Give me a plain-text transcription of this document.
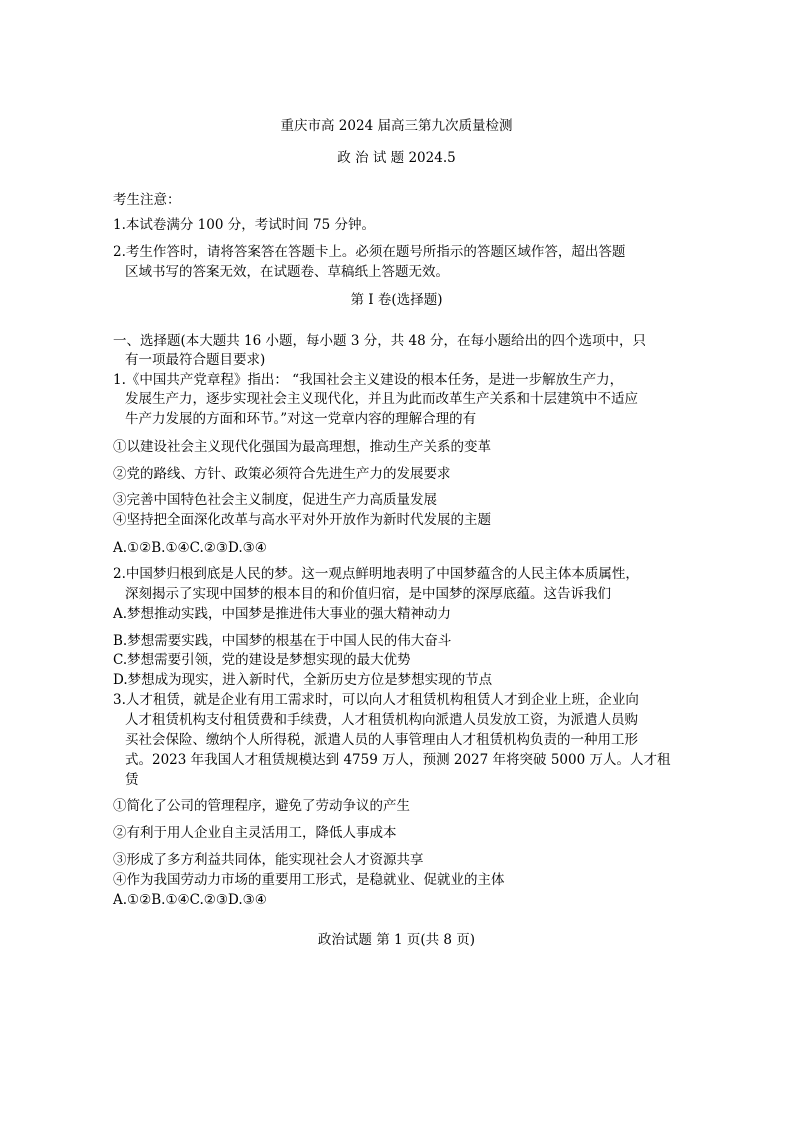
重庆市高 2024 届高三第九次质量检测
政 治 试 题 2024.5
考生注意：
1.本试卷满分 100 分，考试时间 75 分钟。
2.考生作答时，请将答案答在答题卡上。必须在题号所指示的答题区域作答，超出答题
区域书写的答案无效，在试题卷、草稿纸上答题无效。
第 Ⅰ 卷(选择题)
一、选择题(本大题共 16 小题，每小题 3 分，共 48 分，在每小题给出的四个选项中，只
有一项最符合题目要求)
1.《中国共产党章程》指出： “我国社会主义建设的根本任务，是进一步解放生产力，
发展生产力，逐步实现社会主义现代化，并且为此而改革生产关系和十层建筑中不适应
牛产力发展的方面和环节。”对这一党章内容的理解合理的有
①以建设社会主义现代化强国为最高理想，推动生产关系的变革
②党的路线、方针、政策必须符合先进生产力的发展要求
③完善中国特色社会主义制度，促进生产力高质量发展
④坚持把全面深化改革与高水平对外开放作为新时代发展的主题
A.①②B.①④C.②③D.③④
2.中国梦归根到底是人民的梦。这一观点鲜明地表明了中国梦蕴含的人民主体本质属性，
深刻揭示了实现中国梦的根本目的和价值归宿，是中国梦的深厚底蕴。这告诉我们
A.梦想推动实践，中国梦是推进伟大事业的强大精神动力
B.梦想需要实践，中国梦的根基在于中国人民的伟大奋斗
C.梦想需要引领，党的建设是梦想实现的最大优势
D.梦想成为现实，进入新时代，全新历史方位是梦想实现的节点
3.人才租赁，就是企业有用工需求时，可以向人才租赁机构租赁人才到企业上班，企业向
人才租赁机构支付租赁费和手续费，人才租赁机构向派遣人员发放工资，为派遣人员购
买社会保险、缴纳个人所得税，派遣人员的人事管理由人才租赁机构负责的一种用工形
式。2023 年我国人才租赁规模达到 4759 万人，预测 2027 年将突破 5000 万人。人才租
赁
①简化了公司的管理程序，避免了劳动争议的产生
②有利于用人企业自主灵活用工，降低人事成本
③形成了多方利益共同体，能实现社会人才资源共享
④作为我国劳动力市场的重要用工形式，是稳就业、促就业的主体
A.①②B.①④C.②③D.③④
政治试题 第 1 页(共 8 页)
